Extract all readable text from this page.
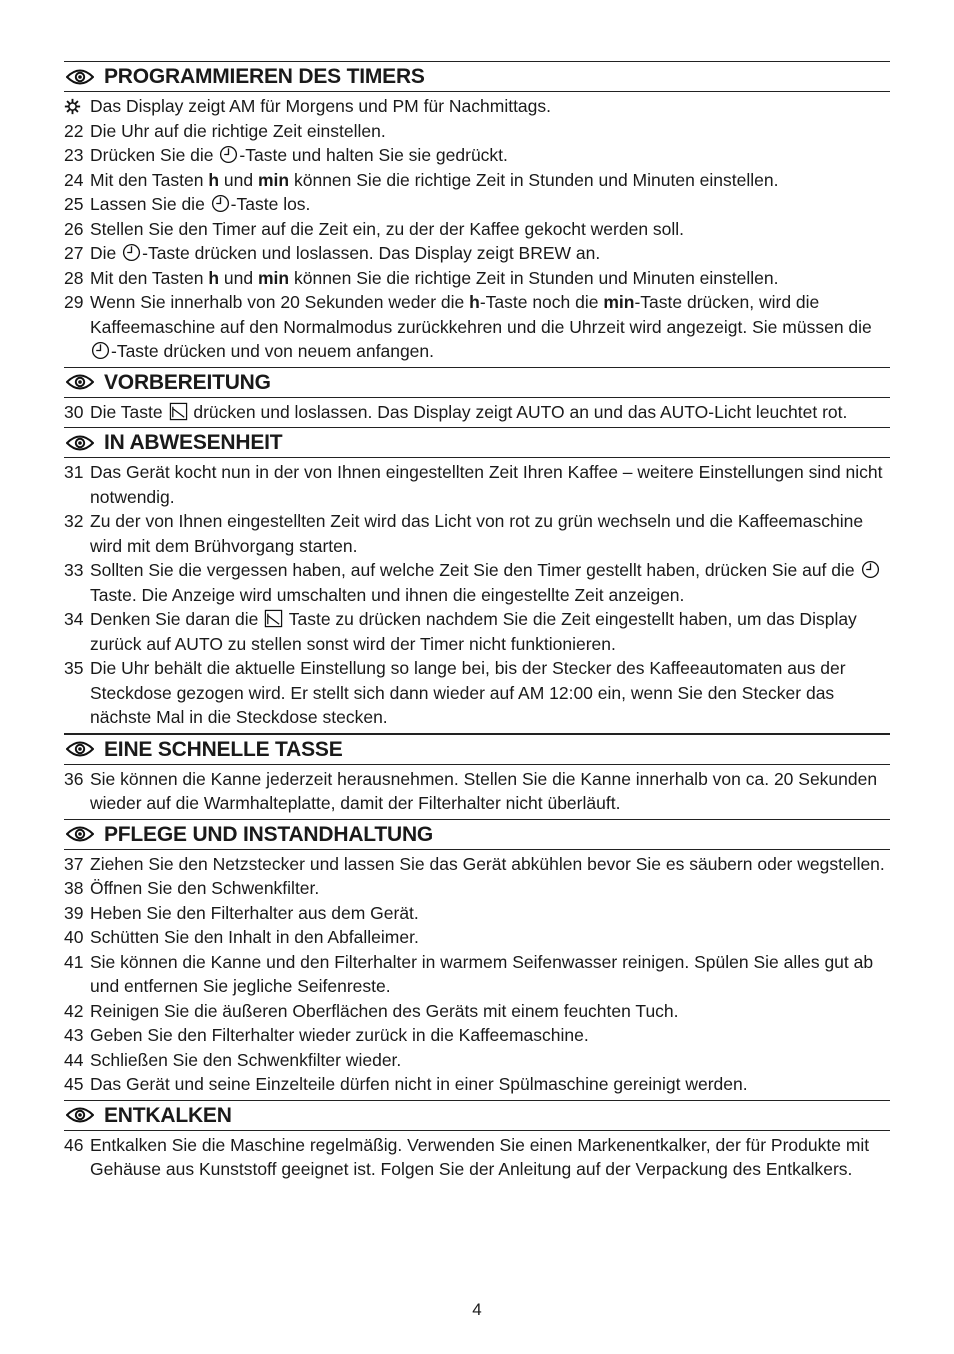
PROGRAMMIEREN DES TIMERS
Das Display zeigt AM für Morgens und PM für Nachmittags.
22 Die Uhr auf die richtige Zeit einstellen.
23 Drücken Sie die -Taste und halten Sie sie gedrückt.
24 Mit den Tasten h und min können Sie die richtige Zeit in Stunden und Minuten einstellen.
25 Lassen Sie die -Taste los.
26 Stellen Sie den Timer auf die Zeit ein, zu der der Kaffee gekocht werden soll.
27 Die -Taste drücken und loslassen. Das Display zeigt BREW an.
28 Mit den Tasten h und min können Sie die richtige Zeit in Stunden und Minuten einstellen.
29 Wenn Sie innerhalb von 20 Sekunden weder die h-Taste noch die min-Taste drücken, wird die Kaffeemaschine auf den Normalmodus zurückkehren und die Uhrzeit wird angezeigt. Sie müssen die -Taste drücken und von neuem anfangen.
VORBEREITUNG
30 Die Taste  drücken und loslassen. Das Display zeigt AUTO an und das AUTO-Licht leuchtet rot.
IN ABWESENHEIT
31 Das Gerät kocht nun in der von Ihnen eingestellten Zeit Ihren Kaffee – weitere Einstellungen sind nicht notwendig.
32 Zu der von Ihnen eingestellten Zeit wird das Licht von rot zu grün wechseln und die Kaffeemaschine wird mit dem Brühvorgang starten.
33 Sollten Sie die vergessen haben, auf welche Zeit Sie den Timer gestellt haben, drücken Sie auf die  Taste. Die Anzeige wird umschalten und ihnen die eingestellte Zeit anzeigen.
34 Denken Sie daran die  Taste zu drücken nachdem Sie die Zeit eingestellt haben, um das Display zurück auf AUTO zu stellen sonst wird der Timer nicht funktionieren.
35 Die Uhr behält die aktuelle Einstellung so lange bei, bis der Stecker des Kaffeeautomaten aus der Steckdose gezogen wird. Er stellt sich dann wieder auf AM 12:00 ein, wenn Sie den Stecker das nächste Mal in die Steckdose stecken.
EINE SCHNELLE TASSE
36 Sie können die Kanne jederzeit herausnehmen. Stellen Sie die Kanne innerhalb von ca. 20 Sekunden wieder auf die Warmhalteplatte, damit der Filterhalter nicht überläuft.
PFLEGE UND INSTANDHALTUNG
37 Ziehen Sie den Netzstecker und lassen Sie das Gerät abkühlen bevor Sie es säubern oder wegstellen.
38 Öffnen Sie den Schwenkfilter.
39 Heben Sie den Filterhalter aus dem Gerät.
40 Schütten Sie den Inhalt in den Abfalleimer.
41 Sie können die Kanne und den Filterhalter in warmem Seifenwasser reinigen. Spülen Sie alles gut ab und entfernen Sie jegliche Seifenreste.
42 Reinigen Sie die äußeren Oberflächen des Geräts mit einem feuchten Tuch.
43 Geben Sie den Filterhalter wieder zurück in die Kaffeemaschine.
44 Schließen Sie den Schwenkfilter wieder.
45 Das Gerät und seine Einzelteile dürfen nicht in einer Spülmaschine gereinigt werden.
ENTKALKEN
46 Entkalken Sie die Maschine regelmäßig. Verwenden Sie einen Markenentkalker, der für Produkte mit Gehäuse aus Kunststoff geeignet ist. Folgen Sie der Anleitung auf der Verpackung des Entkalkers.
4
